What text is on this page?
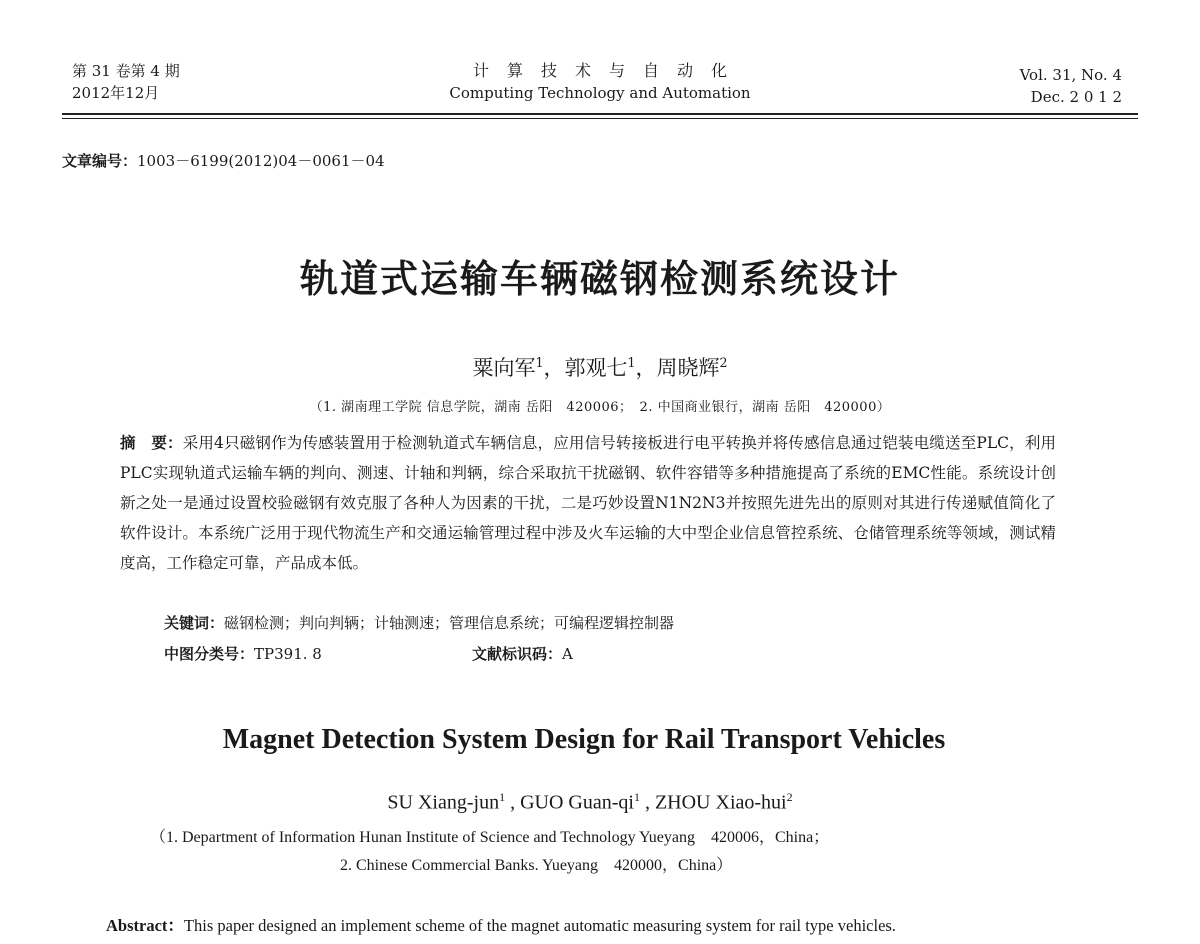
第 31 卷第 4 期
2012年12月
计算技术与自动化
Computing Technology and Automation
Vol. 31, No. 4
Dec. 2 0 1 2
文章编号：1003－6199(2012)04－0061－04
轨道式运输车辆磁钢检测系统设计
粟向军$^1$，郭观七$^1$，周晓辉$^2$
（1. 湖南理工学院 信息学院，湖南 岳阳　420006；　2. 中国商业银行，湖南 岳阳　420000）
摘　要：采用4只磁钢作为传感装置用于检测轨道式车辆信息，应用信号转接板进行电平转换并将传感信息通过铠装电缆送至PLC，利用PLC实现轨道式运输车辆的判向、测速、计轴和判辆，综合采取抗干扰磁钢、软件容错等多种措施提高了系统的EMC性能。系统设计创新之处一是通过设置校验磁钢有效克服了各种人为因素的干扰，二是巧妙设置N1N2N3并按照先进先出的原则对其进行传递赋值简化了软件设计。本系统广泛用于现代物流生产和交通运输管理过程中涉及火车运输的大中型企业信息管控系统、仓储管理系统等领域，测试精度高，工作稳定可靠，产品成本低。
关键词：磁钢检测；判向判辆；计轴测速；管理信息系统；可编程逻辑控制器
中图分类号：TP391. 8	文献标识码：A
Magnet Detection System Design for Rail Transport Vehicles
SU Xiang-jun$^1$ , GUO Guan-$qi^1$ , ZHOU Xiao-hui$^2$
（1. Department of Information Hunan Institute of Science and Technology Yueyang　420006，China；
2. Chinese Commercial Banks. Yueyang　420000，China）
Abstract：This paper designed an implement scheme of the magnet automatic measuring system for rail type vehicles.
